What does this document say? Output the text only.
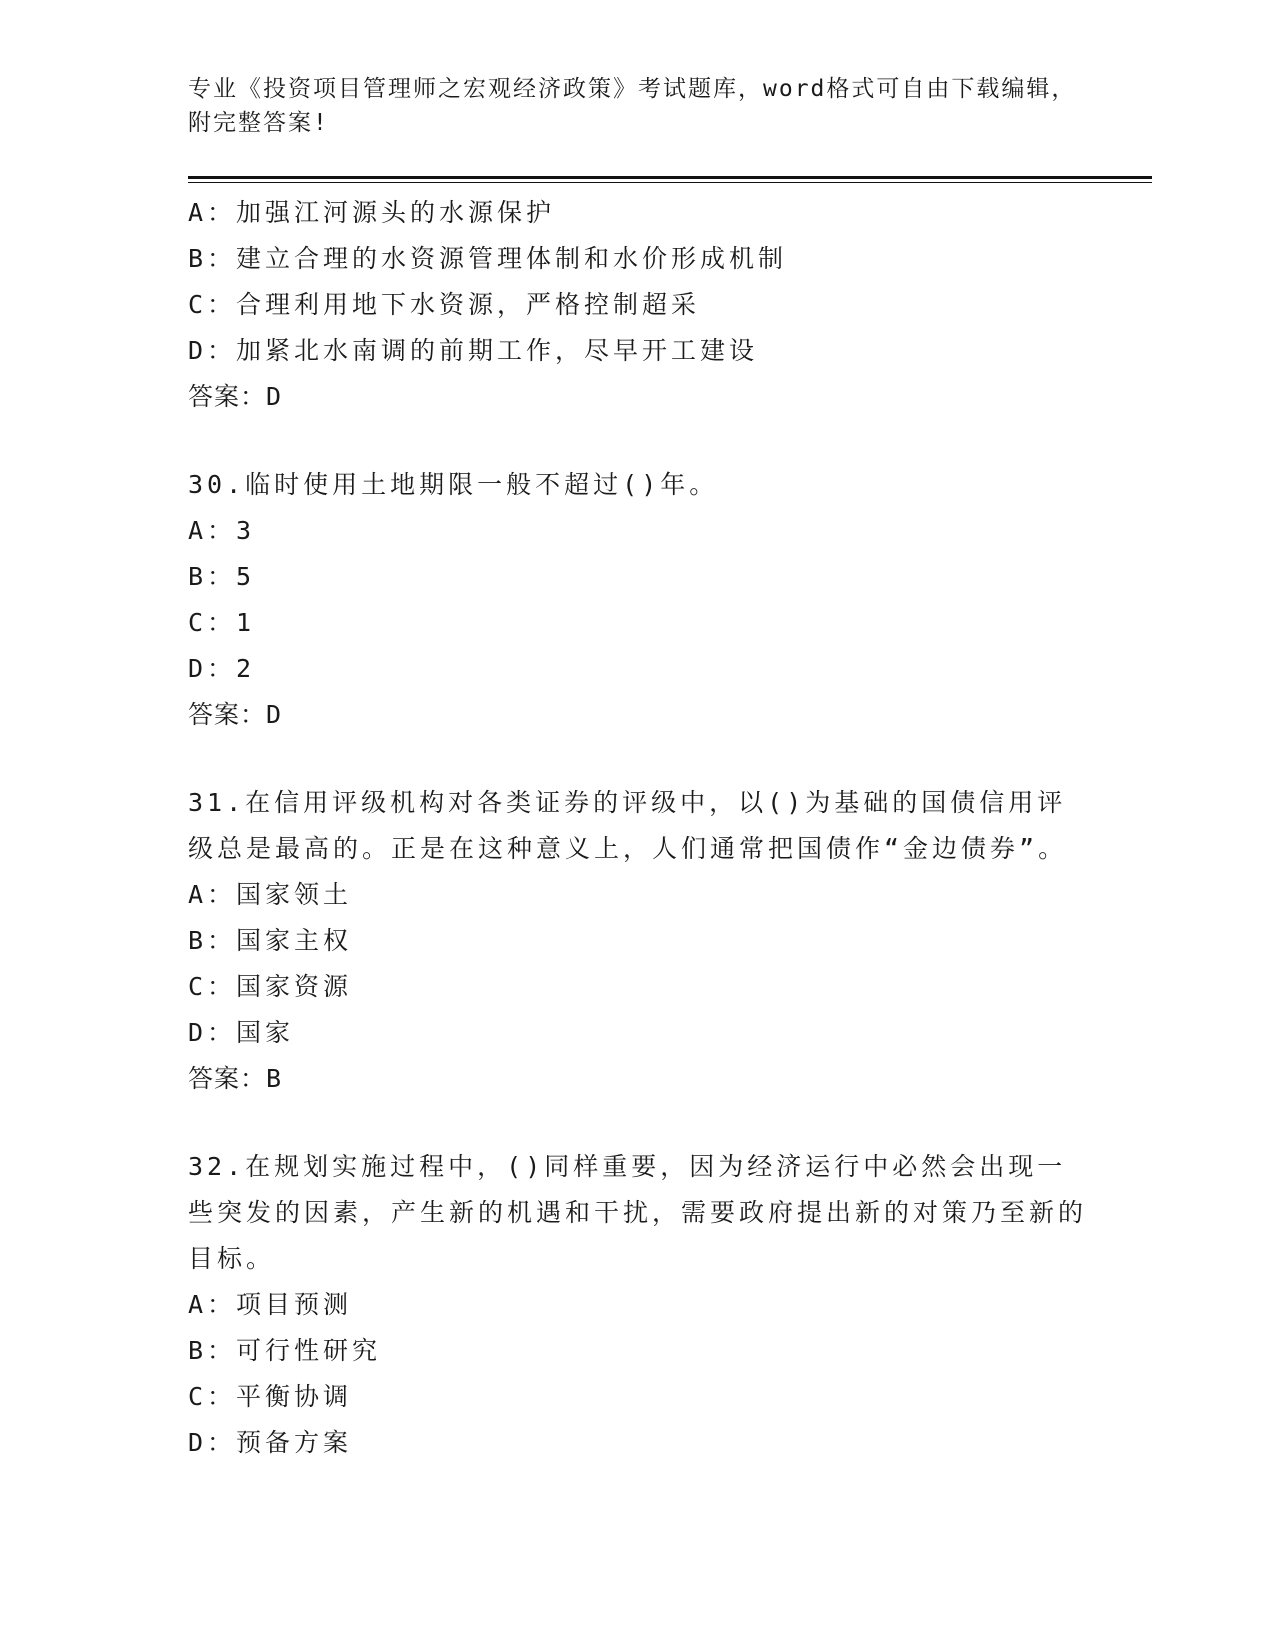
专业《投资项目管理师之宏观经济政策》考试题库，word格式可自由下载编辑，附完整答案!
A：加强江河源头的水源保护
B：建立合理的水资源管理体制和水价形成机制
C：合理利用地下水资源，严格控制超采
D：加紧北水南调的前期工作，尽早开工建设
答案：D
30.临时使用土地期限一般不超过()年。
A：3
B：5
C：1
D：2
答案：D
31.在信用评级机构对各类证券的评级中，以()为基础的国债信用评级总是最高的。正是在这种意义上，人们通常把国债作“金边债券”。
A：国家领土
B：国家主权
C：国家资源
D：国家
答案：B
32.在规划实施过程中，()同样重要，因为经济运行中必然会出现一些突发的因素，产生新的机遇和干扰，需要政府提出新的对策乃至新的目标。
A：项目预测
B：可行性研究
C：平衡协调
D：预备方案
